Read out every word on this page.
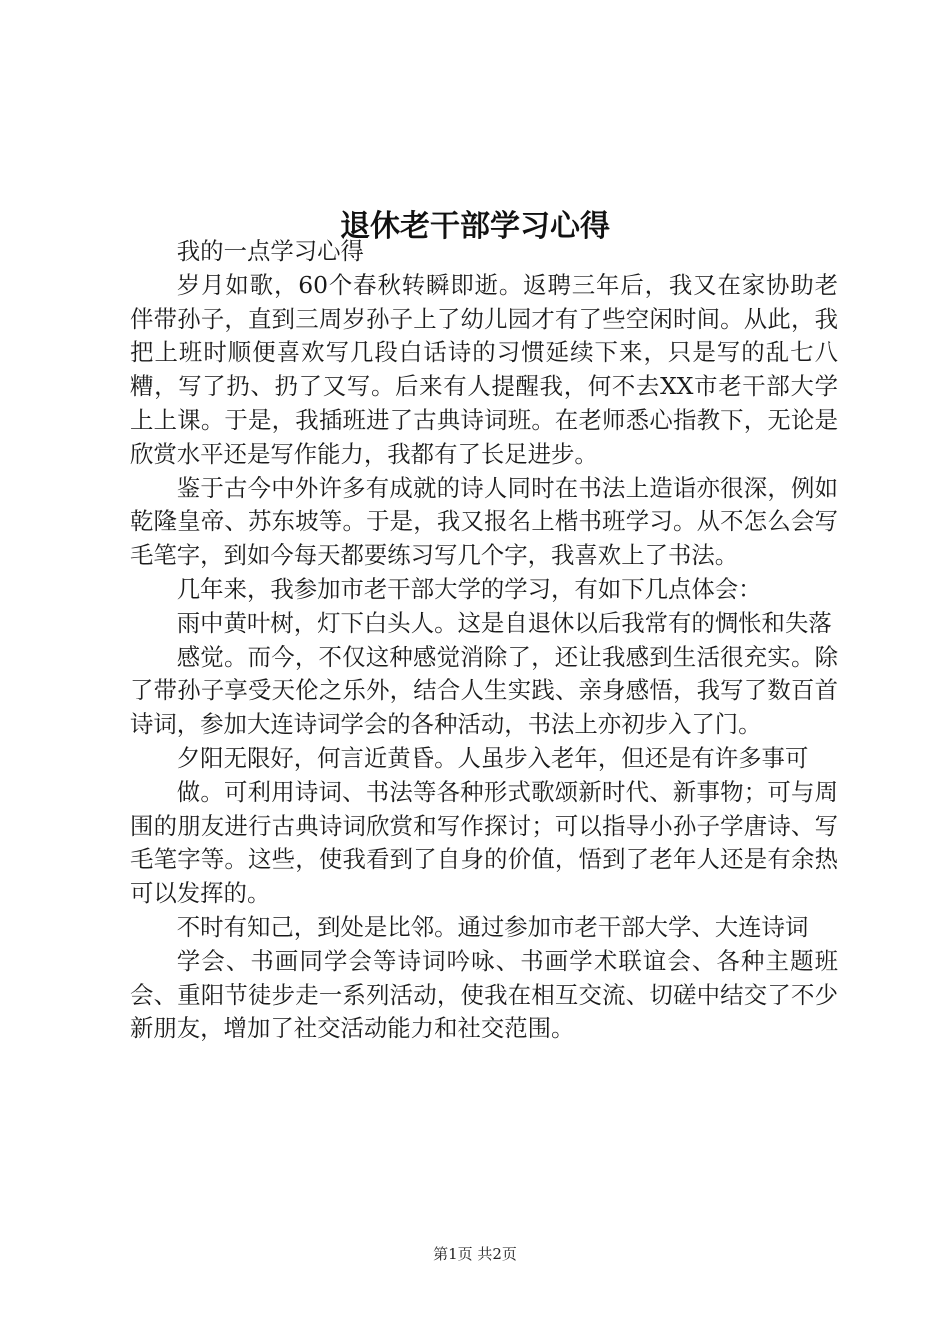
退休老干部学习心得

我的一点学习心得

岁月如歌，60个春秋转瞬即逝。返聘三年后，我又在家协助老伴带孙子，直到三周岁孙子上了幼儿园才有了些空闲时间。从此，我把上班时顺便喜欢写几段白话诗的习惯延续下来，只是写的乱七八糟，写了扔、扔了又写。后来有人提醒我，何不去XX市老干部大学上上课。于是，我插班进了古典诗词班。在老师悉心指教下，无论是欣赏水平还是写作能力，我都有了长足进步。

鉴于古今中外许多有成就的诗人同时在书法上造诣亦很深，例如乾隆皇帝、苏东坡等。于是，我又报名上楷书班学习。从不怎么会写毛笔字，到如今每天都要练习写几个字，我喜欢上了书法。

几年来，我参加市老干部大学的学习，有如下几点体会：

雨中黄叶树，灯下白头人。这是自退休以后我常有的惆怅和失落

感觉。而今，不仅这种感觉消除了，还让我感到生活很充实。除了带孙子享受天伦之乐外，结合人生实践、亲身感悟，我写了数百首诗词，参加大连诗词学会的各种活动，书法上亦初步入了门。

夕阳无限好，何言近黄昏。人虽步入老年，但还是有许多事可

做。可利用诗词、书法等各种形式歌颂新时代、新事物；可与周围的朋友进行古典诗词欣赏和写作探讨；可以指导小孙子学唐诗、写毛笔字等。这些，使我看到了自身的价值，悟到了老年人还是有余热可以发挥的。

不时有知己，到处是比邻。通过参加市老干部大学、大连诗词

学会、书画同学会等诗词吟咏、书画学术联谊会、各种主题班会、重阳节徒步走一系列活动，使我在相互交流、切磋中结交了不少新朋友，增加了社交活动能力和社交范围。

第1页 共2页
